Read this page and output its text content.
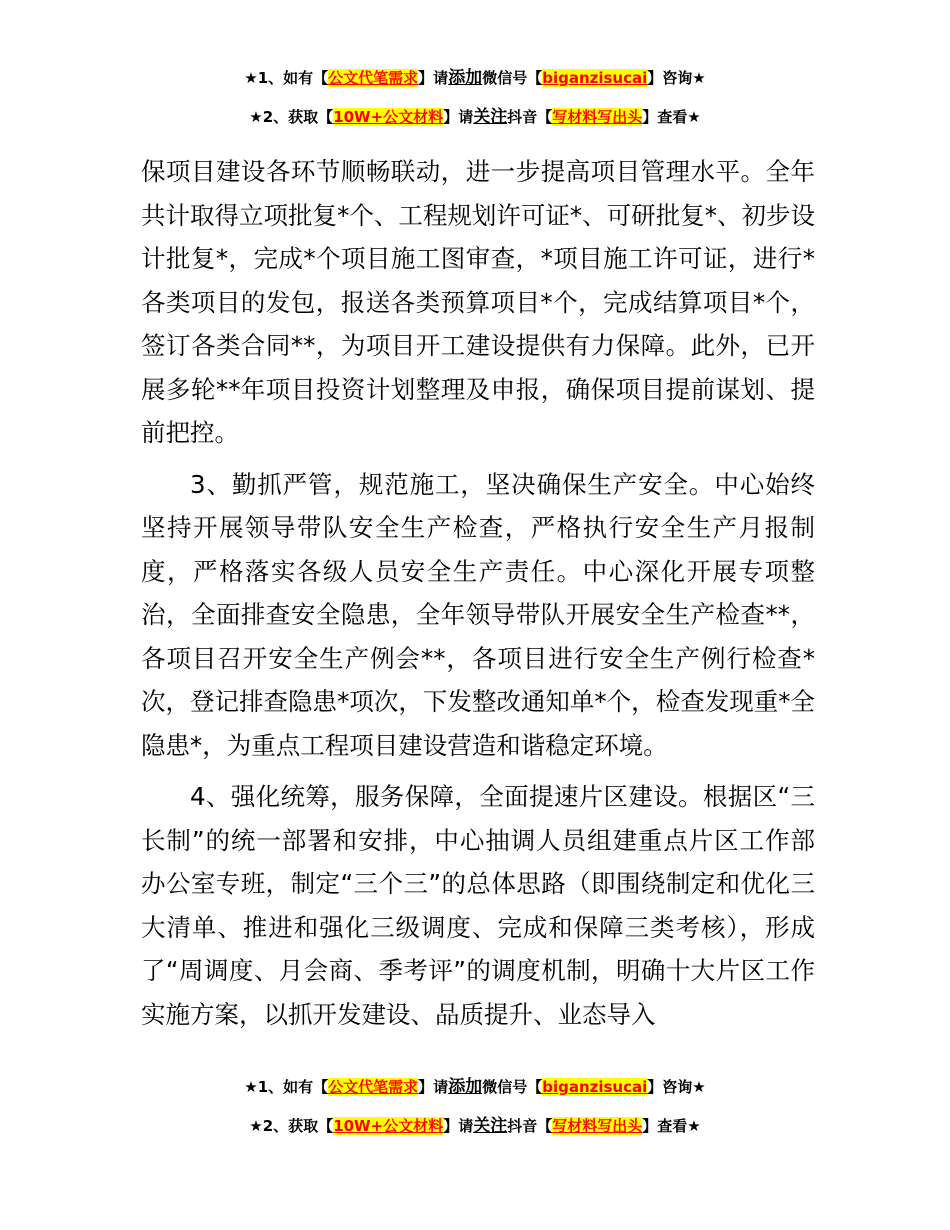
★1、如有【公文代笔需求】请添加微信号【biganzisucai】咨询★
★2、获取【10W+公文材料】请关注抖音【写材料写出头】查看★

保项目建设各环节顺畅联动，进一步提高项目管理水平。全年共计取得立项批复*个、工程规划许可证*、可研批复*、初步设计批复*，完成*个项目施工图审查，*项目施工许可证，进行*各类项目的发包，报送各类预算项目*个，完成结算项目*个，签订各类合同**，为项目开工建设提供有力保障。此外，已开展多轮**年项目投资计划整理及申报，确保项目提前谋划、提前把控。

3、勤抓严管，规范施工，坚决确保生产安全。中心始终坚持开展领导带队安全生产检查，严格执行安全生产月报制度，严格落实各级人员安全生产责任。中心深化开展专项整治，全面排查安全隐患，全年领导带队开展安全生产检查**，各项目召开安全生产例会**，各项目进行安全生产例行检查*次，登记排查隐患*项次，下发整改通知单*个，检查发现重*全隐患*，为重点工程项目建设营造和谐稳定环境。

4、强化统筹，服务保障，全面提速片区建设。根据区“三长制”的统一部署和安排，中心抽调人员组建重点片区工作部办公室专班，制定“三个三”的总体思路（即围绕制定和优化三大清单、推进和强化三级调度、完成和保障三类考核），形成了“周调度、月会商、季考评”的调度机制，明确十大片区工作实施方案，以抓开发建设、品质提升、业态导入

★1、如有【公文代笔需求】请添加微信号【biganzisucai】咨询★
★2、获取【10W+公文材料】请关注抖音【写材料写出头】查看★
